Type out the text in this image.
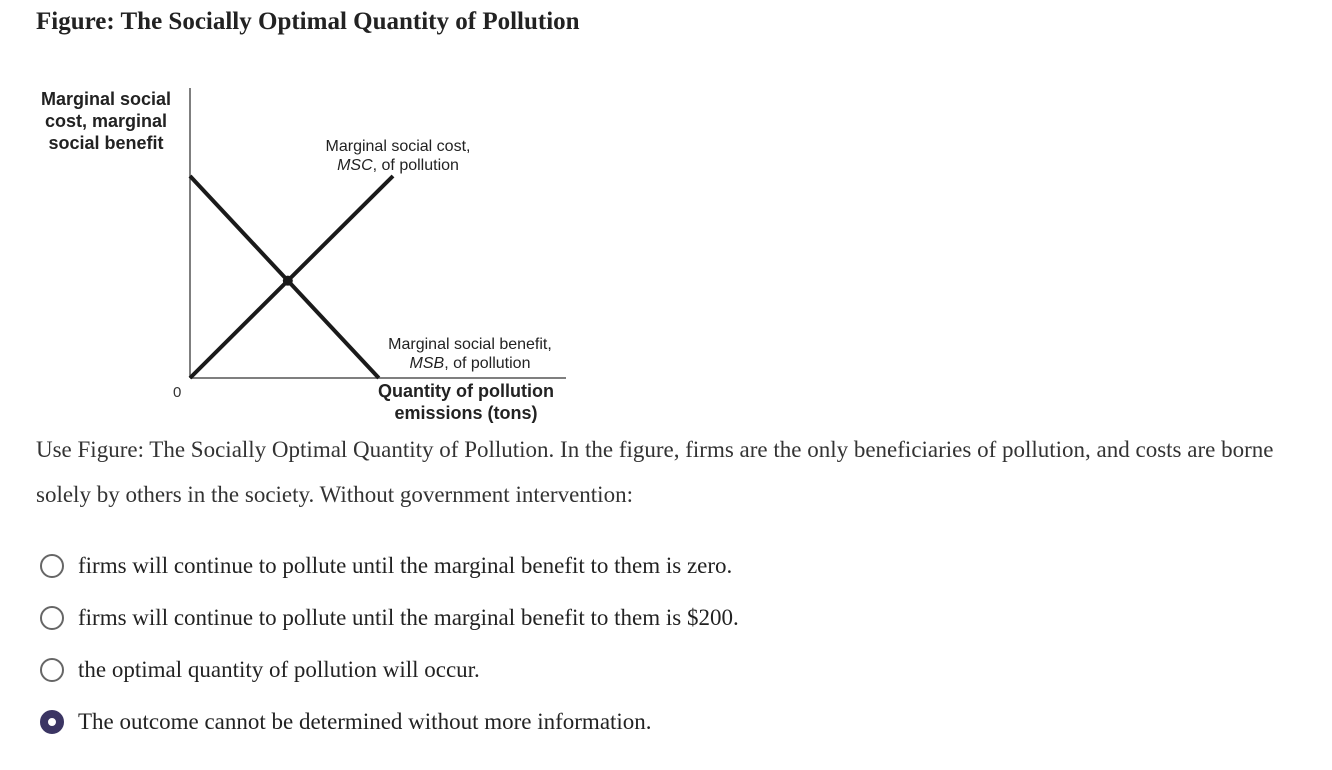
Figure: The Socially Optimal Quantity of Pollution
Marginal social
cost, marginal
social benefit	Marginal social cost,
MSC, of pollution
Marginal social benefit,
MSB, of pollution
0	Quantity of pollution
emissions (tons)
Use Figure: The Socially Optimal Quantity of Pollution. In the figure, firms are the only beneficiaries of pollution, and costs are borne solely by others in the society. Without government intervention:
firms will continue to pollute until the marginal benefit to them is zero.
firms will continue to pollute until the marginal benefit to them is $200.
the optimal quantity of pollution will occur.
The outcome cannot be determined without more information.
